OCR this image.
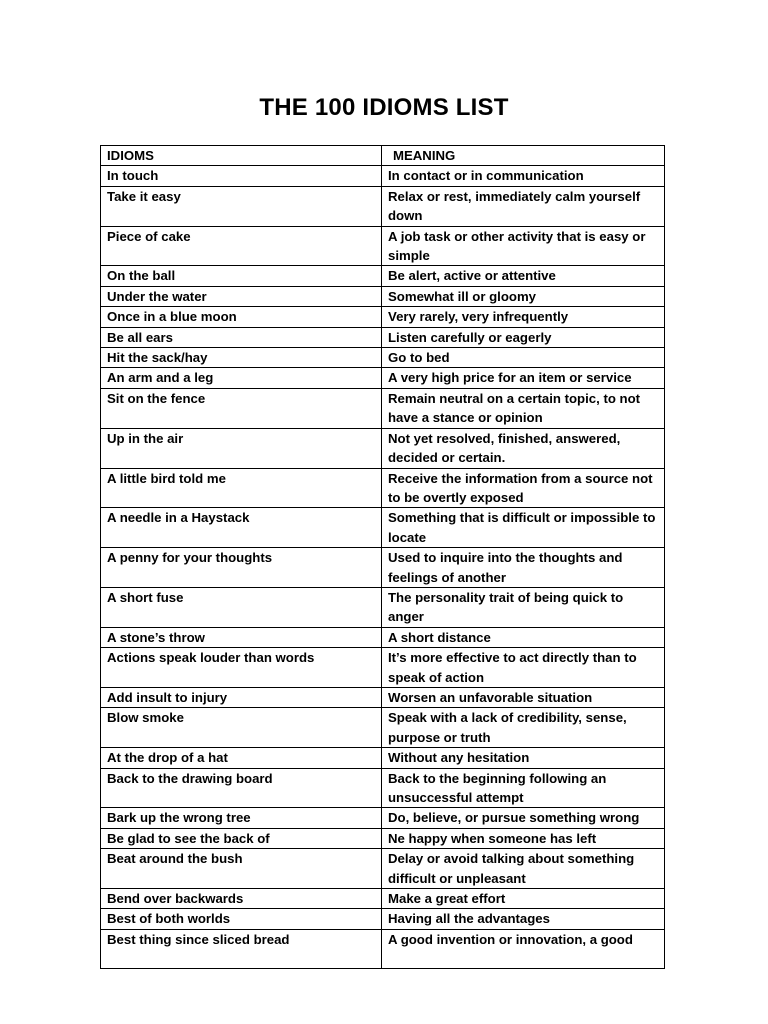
THE 100 IDIOMS LIST
IDIOMS	MEANING
In touch	In contact or in communication
Take it easy	Relax or rest, immediately calm yourself down
Piece of cake	A job task or other activity that is easy or simple
On the ball	Be alert, active or attentive
Under the water	Somewhat ill or gloomy
Once in a blue moon	Very rarely, very infrequently
Be all ears	Listen carefully or eagerly
Hit the sack/hay	Go to bed
An arm and a leg	A very high price for an item or service
Sit on the fence	Remain neutral on a certain topic, to not have a stance or opinion
Up in the air	Not yet resolved, finished, answered, decided or certain.
A little bird told me	Receive the information from a source not to be overtly exposed
A needle in a Haystack	Something that is difficult or impossible to locate
A penny for your thoughts	Used to inquire into the thoughts and feelings of another
A short fuse	The personality trait of being quick to anger
A stone’s throw	A short distance
Actions speak louder than words	It’s more effective to act directly than to speak of action
Add insult to injury	Worsen an unfavorable situation
Blow smoke	Speak with a lack of credibility, sense, purpose or truth
At the drop of a hat	Without any hesitation
Back to the drawing board	Back to the beginning following an unsuccessful attempt
Bark up the wrong tree	Do, believe, or pursue something wrong
Be glad to see the back of	Ne happy when someone has left
Beat around the bush	Delay or avoid talking about something difficult or unpleasant
Bend over backwards	Make a great effort
Best of both worlds	Having all the advantages
Best thing since sliced bread	A good invention or innovation, a good
